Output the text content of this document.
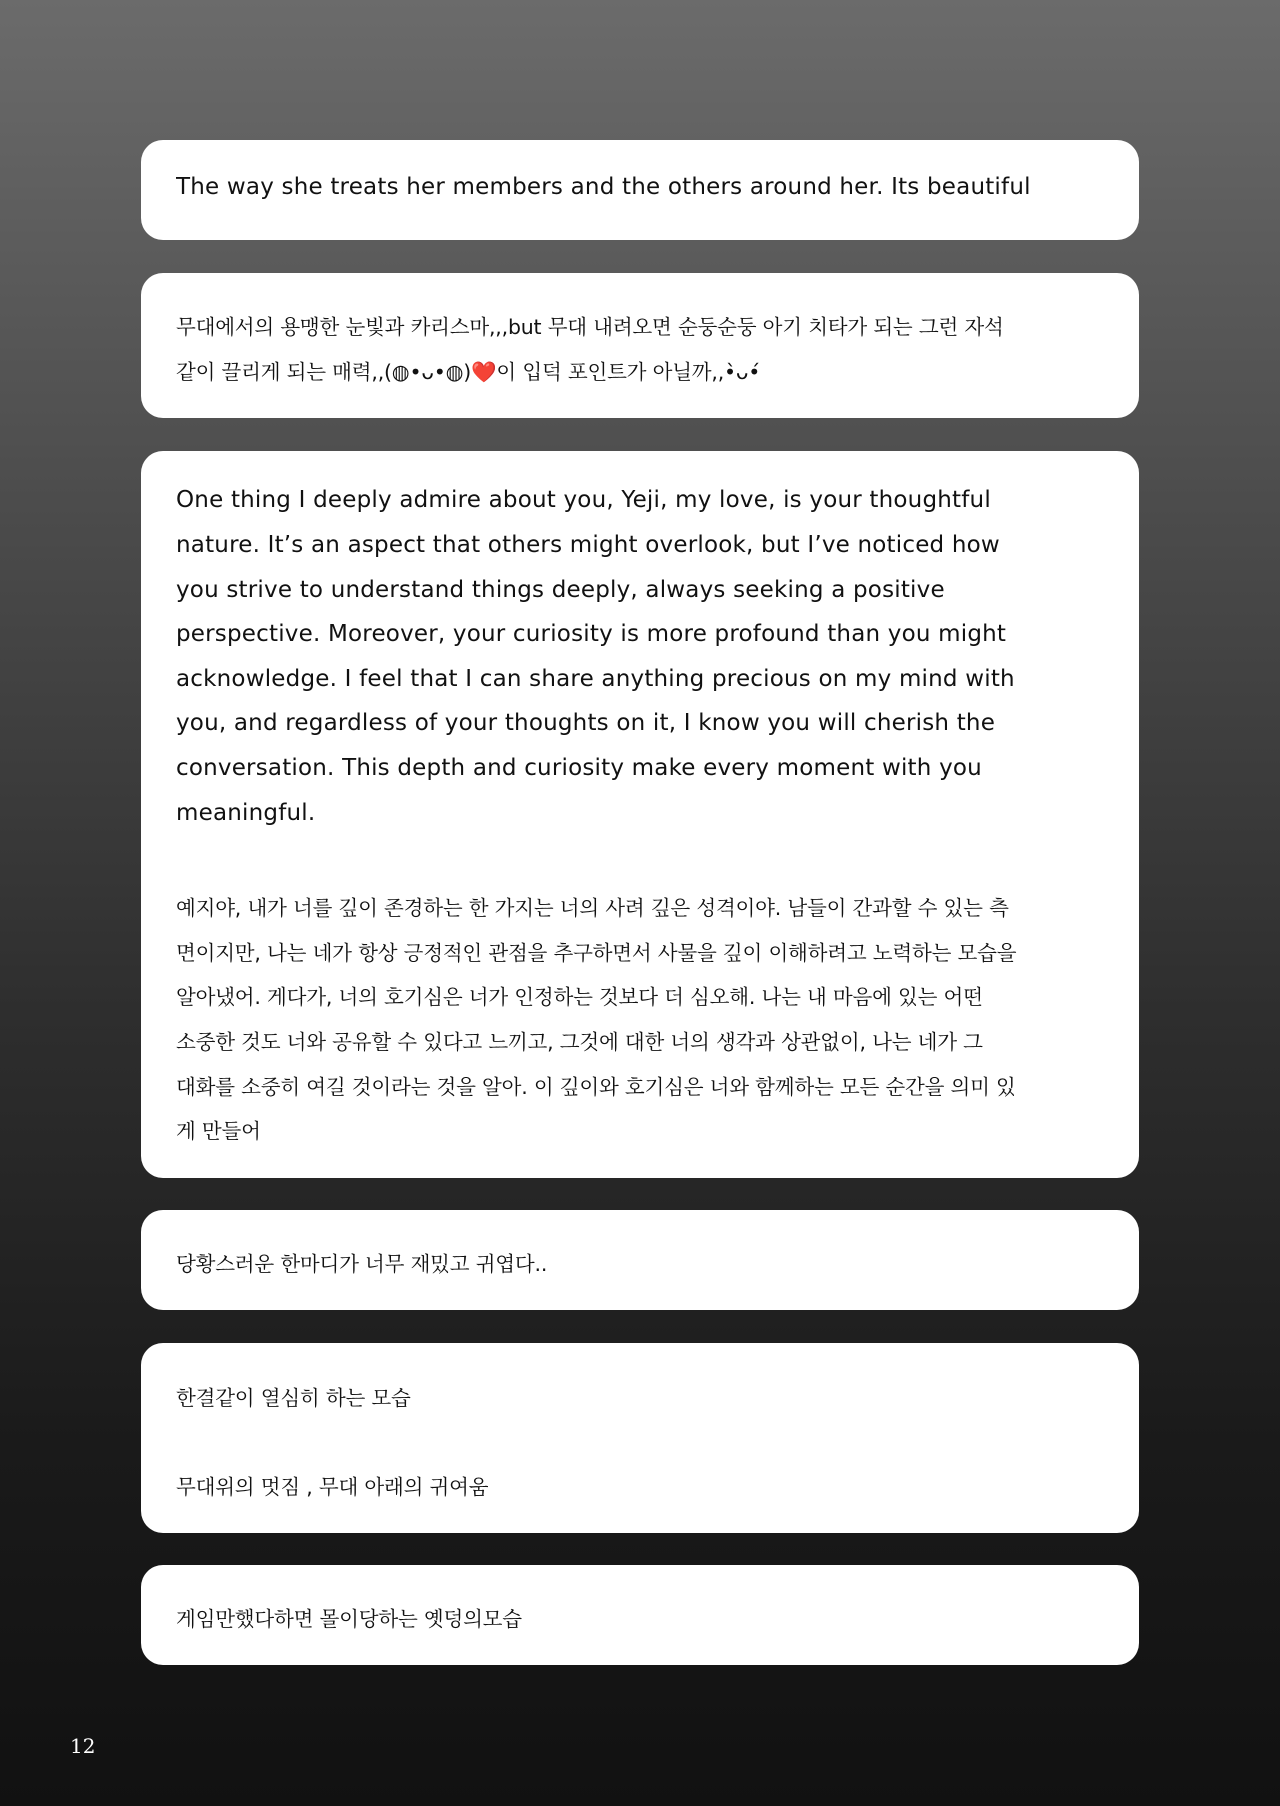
The way she treats her members and the others around her. Its beautiful
무대에서의 용맹한 눈빛과 카리스마,,,but 무대 내려오면 순둥순둥 아기 치타가 되는 그런 자석
같이 끌리게 되는 매력,,(◍•ᴗ•◍)❤️이 입덕 포인트가 아닐까,,•̀ᴗ•́
One thing I deeply admire about you, Yeji, my love, is your thoughtful
nature. It’s an aspect that others might overlook, but I’ve noticed how
you strive to understand things deeply, always seeking a positive
perspective. Moreover, your curiosity is more profound than you might
acknowledge. I feel that I can share anything precious on my mind with
you, and regardless of your thoughts on it, I know you will cherish the
conversation. This depth and curiosity make every moment with you
meaningful.
예지야, 내가 너를 깊이 존경하는 한 가지는 너의 사려 깊은 성격이야. 남들이 간과할 수 있는 측
면이지만, 나는 네가 항상 긍정적인 관점을 추구하면서 사물을 깊이 이해하려고 노력하는 모습을
알아냈어. 게다가, 너의 호기심은 너가 인정하는 것보다 더 심오해. 나는 내 마음에 있는 어떤
소중한 것도 너와 공유할 수 있다고 느끼고, 그것에 대한 너의 생각과 상관없이, 나는 네가 그
대화를 소중히 여길 것이라는 것을 알아. 이 깊이와 호기심은 너와 함께하는 모든 순간을 의미 있
게 만들어
당황스러운 한마디가 너무 재밌고 귀엽다..
한결같이 열심히 하는 모습
무대위의 멋짐 , 무대 아래의 귀여움
게임만했다하면 몰이당하는 옛덩의모습
12
